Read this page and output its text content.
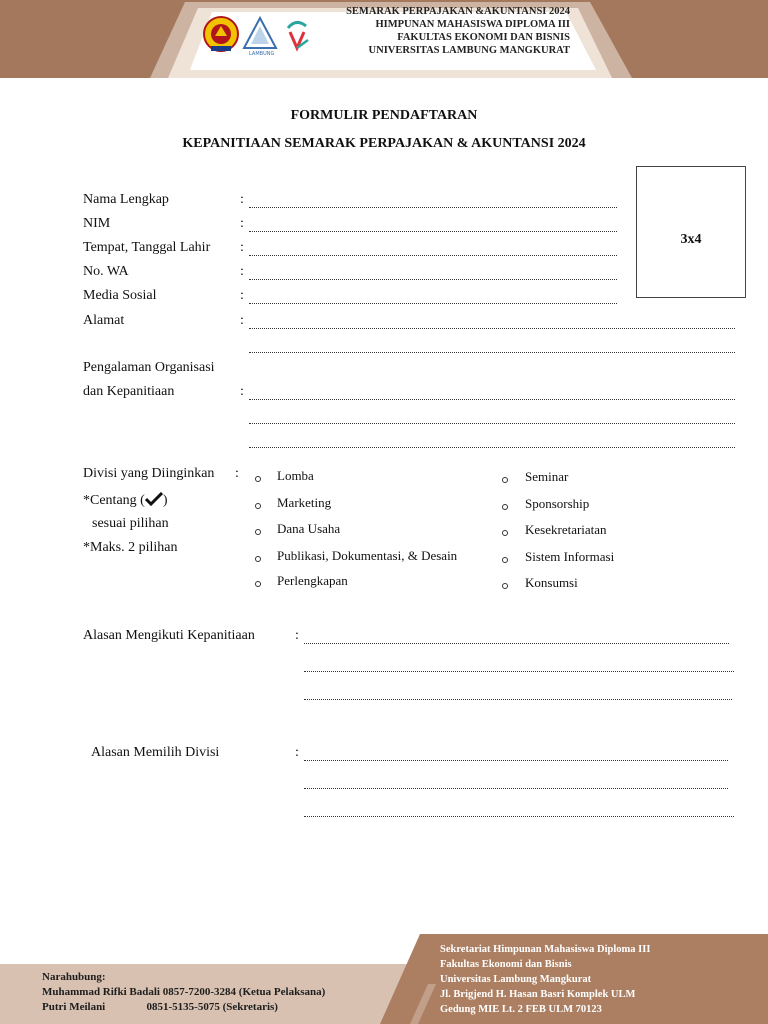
LAMBUNG
SEMARAK PERPAJAKAN &AKUNTANSI 2024
HIMPUNAN MAHASISWA DIPLOMA III
FAKULTAS EKONOMI DAN BISNIS
UNIVERSITAS LAMBUNG MANGKURAT
FORMULIR PENDAFTARAN
KEPANITIAAN SEMARAK PERPAJAKAN & AKUNTANSI 2024
Nama Lengkap	:
NIM	:
Tempat, Tanggal Lahir :
No. WA	:
Media Sosial	:
Alamat	:
Pengalaman Organisasi
dan Kepanitiaan	:
3x4
Divisi yang Diinginkan :
*Centang ( )
sesuai pilihan
*Maks. 2 pilihan
Lomba
Marketing
Dana Usaha
Publikasi, Dokumentasi, & Desain
Perlengkapan
Seminar
Sponsorship
Kesekretariatan
Sistem Informasi
Konsumsi
Alasan Mengikuti Kepanitiaan	:
Alasan Memilih Divisi	:
Narahubung:
Muhammad Rifki Badali 0857-7200-3284 (Ketua Pelaksana)
Putri Meilani               0851-5135-5075 (Sekretaris)
Sekretariat Himpunan Mahasiswa Diploma III
Fakultas Ekonomi dan Bisnis
Universitas Lambung Mangkurat
Jl. Brigjend H. Hasan Basri Komplek ULM
Gedung MIE Lt. 2 FEB ULM 70123
